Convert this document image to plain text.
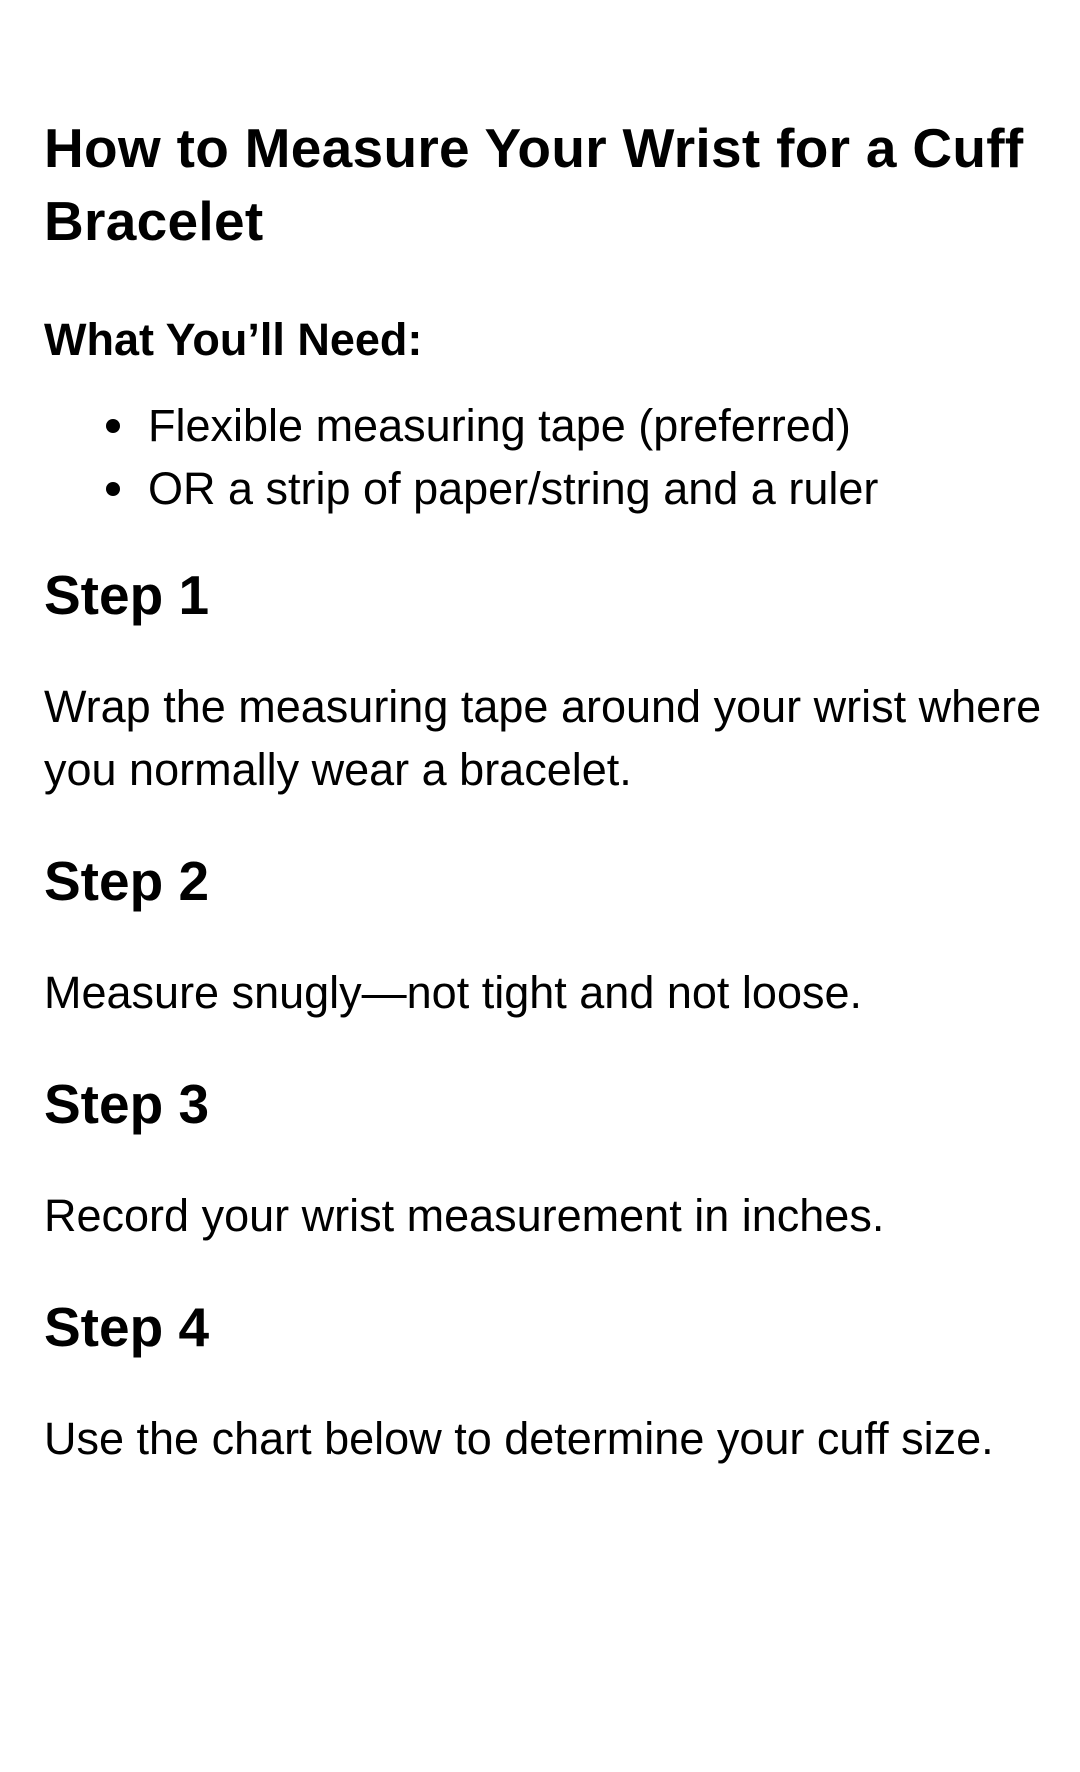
How to Measure Your Wrist for a Cuff Bracelet
What You’ll Need:
Flexible measuring tape (preferred)
OR a strip of paper/string and a ruler
Step 1

Wrap the measuring tape around your wrist where you normally wear a bracelet.

Step 2

Measure snugly—not tight and not loose.

Step 3

Record your wrist measurement in inches.

Step 4

Use the chart below to determine your cuff size.
